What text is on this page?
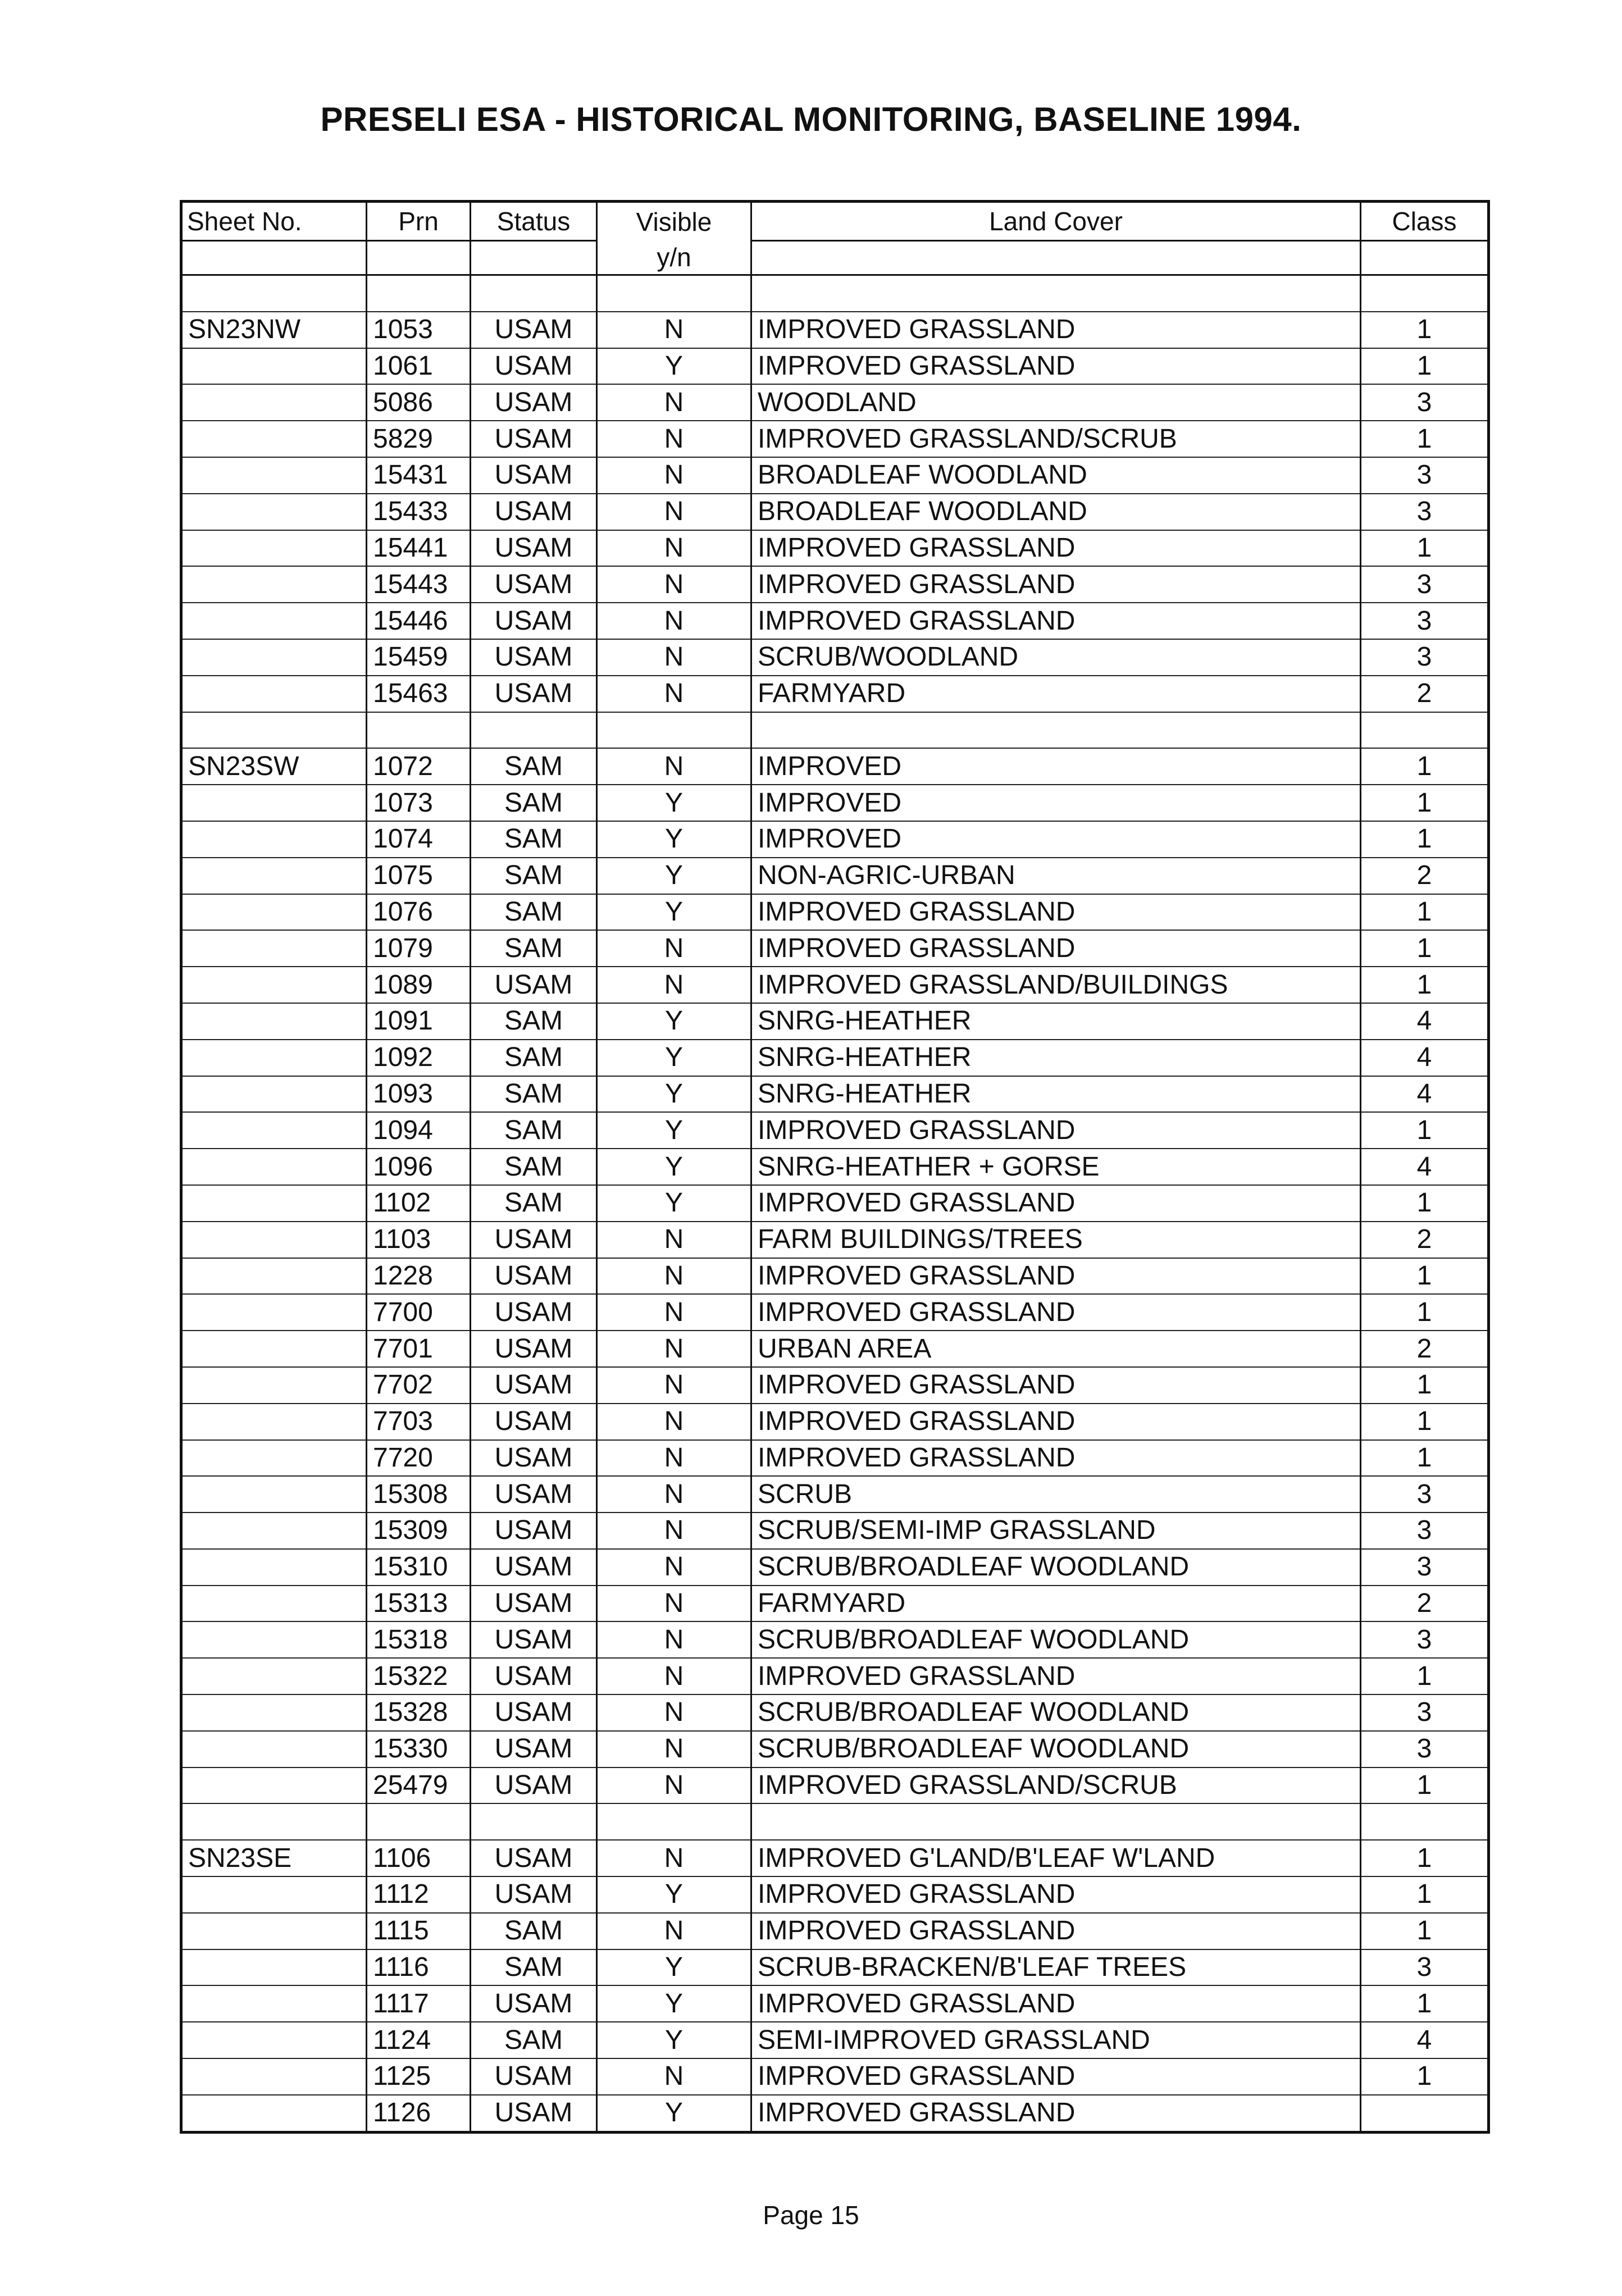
PRESELI ESA - HISTORICAL MONITORING, BASELINE 1994.
Sheet No.	Prn	Status	Visible	Land Cover	Class
			y/n		

SN23NW	1053	USAM	N	IMPROVED GRASSLAND	1
	1061	USAM	Y	IMPROVED GRASSLAND	1
	5086	USAM	N	WOODLAND	3
	5829	USAM	N	IMPROVED GRASSLAND/SCRUB	1
	15431	USAM	N	BROADLEAF WOODLAND	3
	15433	USAM	N	BROADLEAF WOODLAND	3
	15441	USAM	N	IMPROVED GRASSLAND	1
	15443	USAM	N	IMPROVED GRASSLAND	3
	15446	USAM	N	IMPROVED GRASSLAND	3
	15459	USAM	N	SCRUB/WOODLAND	3
	15463	USAM	N	FARMYARD	2

SN23SW	1072	SAM	N	IMPROVED	1
	1073	SAM	Y	IMPROVED	1
	1074	SAM	Y	IMPROVED	1
	1075	SAM	Y	NON-AGRIC-URBAN	2
	1076	SAM	Y	IMPROVED GRASSLAND	1
	1079	SAM	N	IMPROVED GRASSLAND	1
	1089	USAM	N	IMPROVED GRASSLAND/BUILDINGS	1
	1091	SAM	Y	SNRG-HEATHER	4
	1092	SAM	Y	SNRG-HEATHER	4
	1093	SAM	Y	SNRG-HEATHER	4
	1094	SAM	Y	IMPROVED GRASSLAND	1
	1096	SAM	Y	SNRG-HEATHER + GORSE	4
	1102	SAM	Y	IMPROVED GRASSLAND	1
	1103	USAM	N	FARM BUILDINGS/TREES	2
	1228	USAM	N	IMPROVED GRASSLAND	1
	7700	USAM	N	IMPROVED GRASSLAND	1
	7701	USAM	N	URBAN AREA	2
	7702	USAM	N	IMPROVED GRASSLAND	1
	7703	USAM	N	IMPROVED GRASSLAND	1
	7720	USAM	N	IMPROVED GRASSLAND	1
	15308	USAM	N	SCRUB	3
	15309	USAM	N	SCRUB/SEMI-IMP GRASSLAND	3
	15310	USAM	N	SCRUB/BROADLEAF WOODLAND	3
	15313	USAM	N	FARMYARD	2
	15318	USAM	N	SCRUB/BROADLEAF WOODLAND	3
	15322	USAM	N	IMPROVED GRASSLAND	1
	15328	USAM	N	SCRUB/BROADLEAF WOODLAND	3
	15330	USAM	N	SCRUB/BROADLEAF WOODLAND	3
	25479	USAM	N	IMPROVED GRASSLAND/SCRUB	1

SN23SE	1106	USAM	N	IMPROVED G'LAND/B'LEAF W'LAND	1
	1112	USAM	Y	IMPROVED GRASSLAND	1
	1115	SAM	N	IMPROVED GRASSLAND	1
	1116	SAM	Y	SCRUB-BRACKEN/B'LEAF TREES	3
	1117	USAM	Y	IMPROVED GRASSLAND	1
	1124	SAM	Y	SEMI-IMPROVED GRASSLAND	4
	1125	USAM	N	IMPROVED GRASSLAND	1
	1126	USAM	Y	IMPROVED GRASSLAND	
Page 15
